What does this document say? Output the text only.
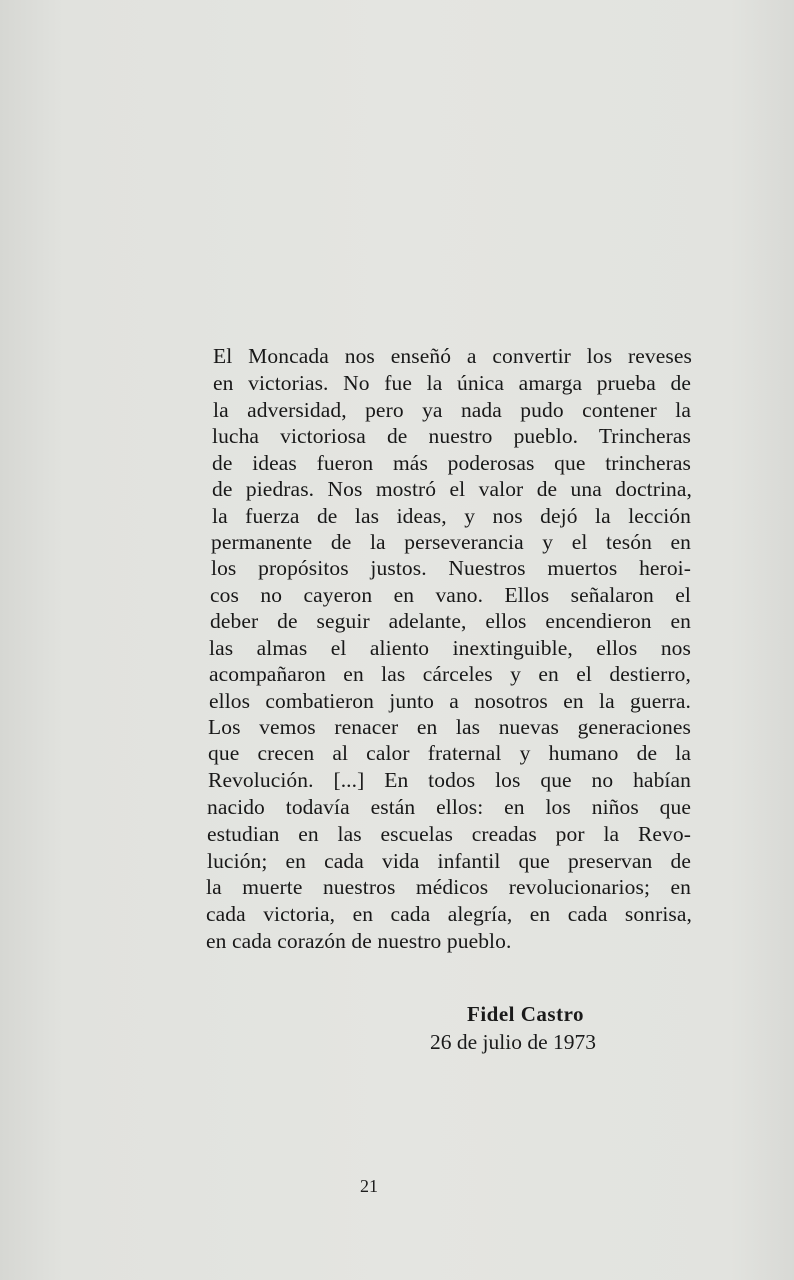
El Moncada nos enseñó a convertir los reveses
en victorias. No fue la única amarga prueba de
la adversidad, pero ya nada pudo contener la
lucha victoriosa de nuestro pueblo. Trincheras
de ideas fueron más poderosas que trincheras
de piedras. Nos mostró el valor de una doctrina,
la fuerza de las ideas, y nos dejó la lección
permanente de la perseverancia y el tesón en
los propósitos justos. Nuestros muertos heroi-
cos no cayeron en vano. Ellos señalaron el
deber de seguir adelante, ellos encendieron en
las almas el aliento inextinguible, ellos nos
acompañaron en las cárceles y en el destierro,
ellos combatieron junto a nosotros en la guerra.
Los vemos renacer en las nuevas generaciones
que crecen al calor fraternal y humano de la
Revolución. [...] En todos los que no habían
nacido todavía están ellos: en los niños que
estudian en las escuelas creadas por la Revo-
lución; en cada vida infantil que preservan de
la muerte nuestros médicos revolucionarios; en
cada victoria, en cada alegría, en cada sonrisa,
en cada corazón de nuestro pueblo.
Fidel Castro
26 de julio de 1973
21
